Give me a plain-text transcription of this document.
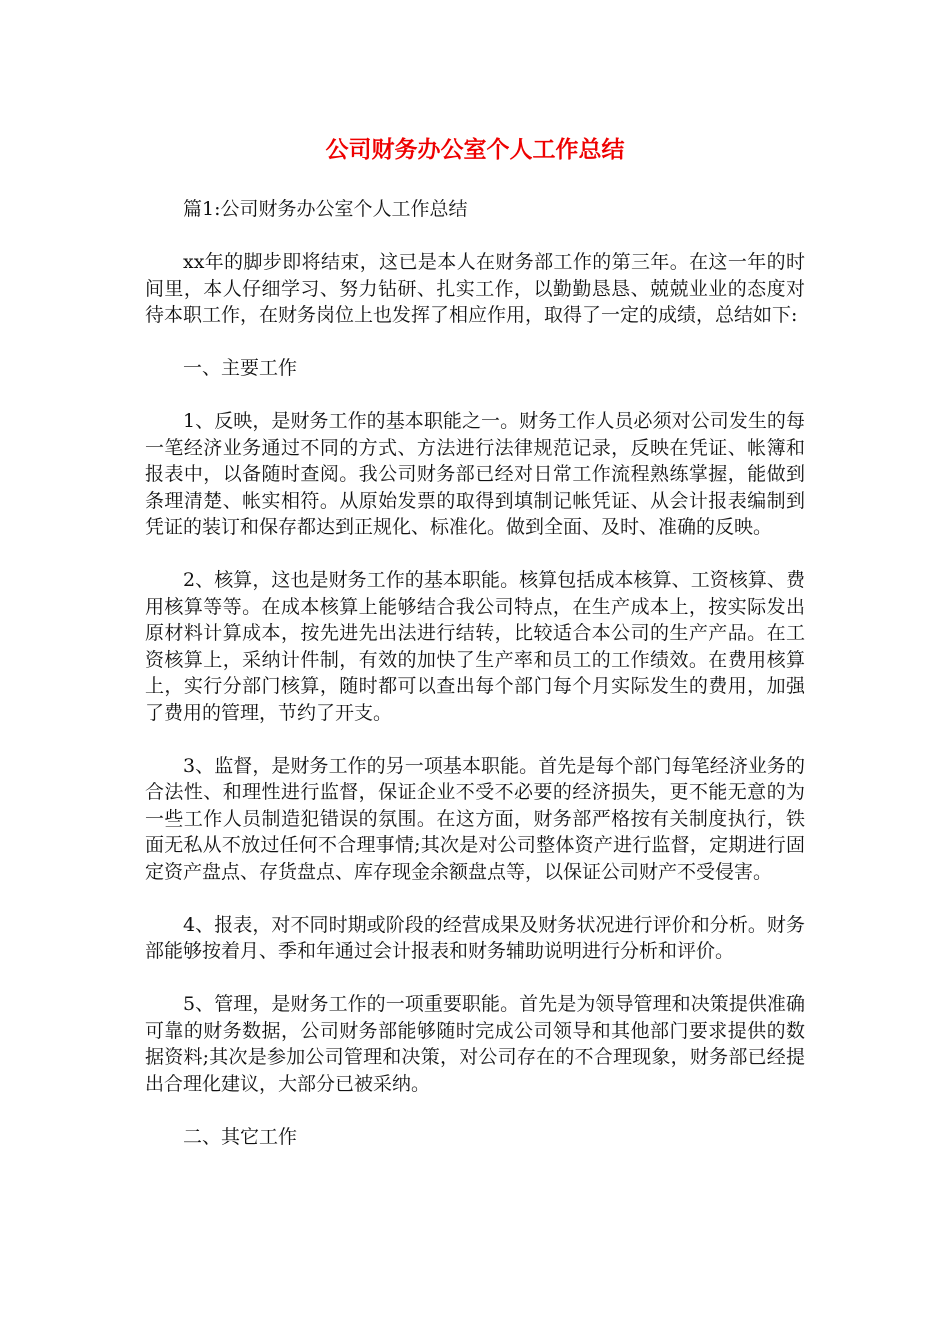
公司财务办公室个人工作总结

篇1:公司财务办公室个人工作总结

xx年的脚步即将结束，这已是本人在财务部工作的第三年。在这一年的时间里，本人仔细学习、努力钻研、扎实工作，以勤勤恳恳、兢兢业业的态度对待本职工作，在财务岗位上也发挥了相应作用，取得了一定的成绩，总结如下:

一、主要工作

1、反映，是财务工作的基本职能之一。财务工作人员必须对公司发生的每一笔经济业务通过不同的方式、方法进行法律规范记录，反映在凭证、帐簿和报表中，以备随时查阅。我公司财务部已经对日常工作流程熟练掌握，能做到条理清楚、帐实相符。从原始发票的取得到填制记帐凭证、从会计报表编制到凭证的装订和保存都达到正规化、标准化。做到全面、及时、准确的反映。

2、核算，这也是财务工作的基本职能。核算包括成本核算、工资核算、费用核算等等。在成本核算上能够结合我公司特点，在生产成本上，按实际发出原材料计算成本，按先进先出法进行结转，比较适合本公司的生产产品。在工资核算上，采纳计件制，有效的加快了生产率和员工的工作绩效。在费用核算上，实行分部门核算，随时都可以查出每个部门每个月实际发生的费用，加强了费用的管理，节约了开支。

3、监督，是财务工作的另一项基本职能。首先是每个部门每笔经济业务的合法性、和理性进行监督，保证企业不受不必要的经济损失，更不能无意的为一些工作人员制造犯错误的氛围。在这方面，财务部严格按有关制度执行，铁面无私从不放过任何不合理事情;其次是对公司整体资产进行监督，定期进行固定资产盘点、存货盘点、库存现金余额盘点等，以保证公司财产不受侵害。

4、报表，对不同时期或阶段的经营成果及财务状况进行评价和分析。财务部能够按着月、季和年通过会计报表和财务辅助说明进行分析和评价。

5、管理，是财务工作的一项重要职能。首先是为领导管理和决策提供准确可靠的财务数据，公司财务部能够随时完成公司领导和其他部门要求提供的数据资料;其次是参加公司管理和决策，对公司存在的不合理现象，财务部已经提出合理化建议，大部分已被采纳。

二、其它工作
